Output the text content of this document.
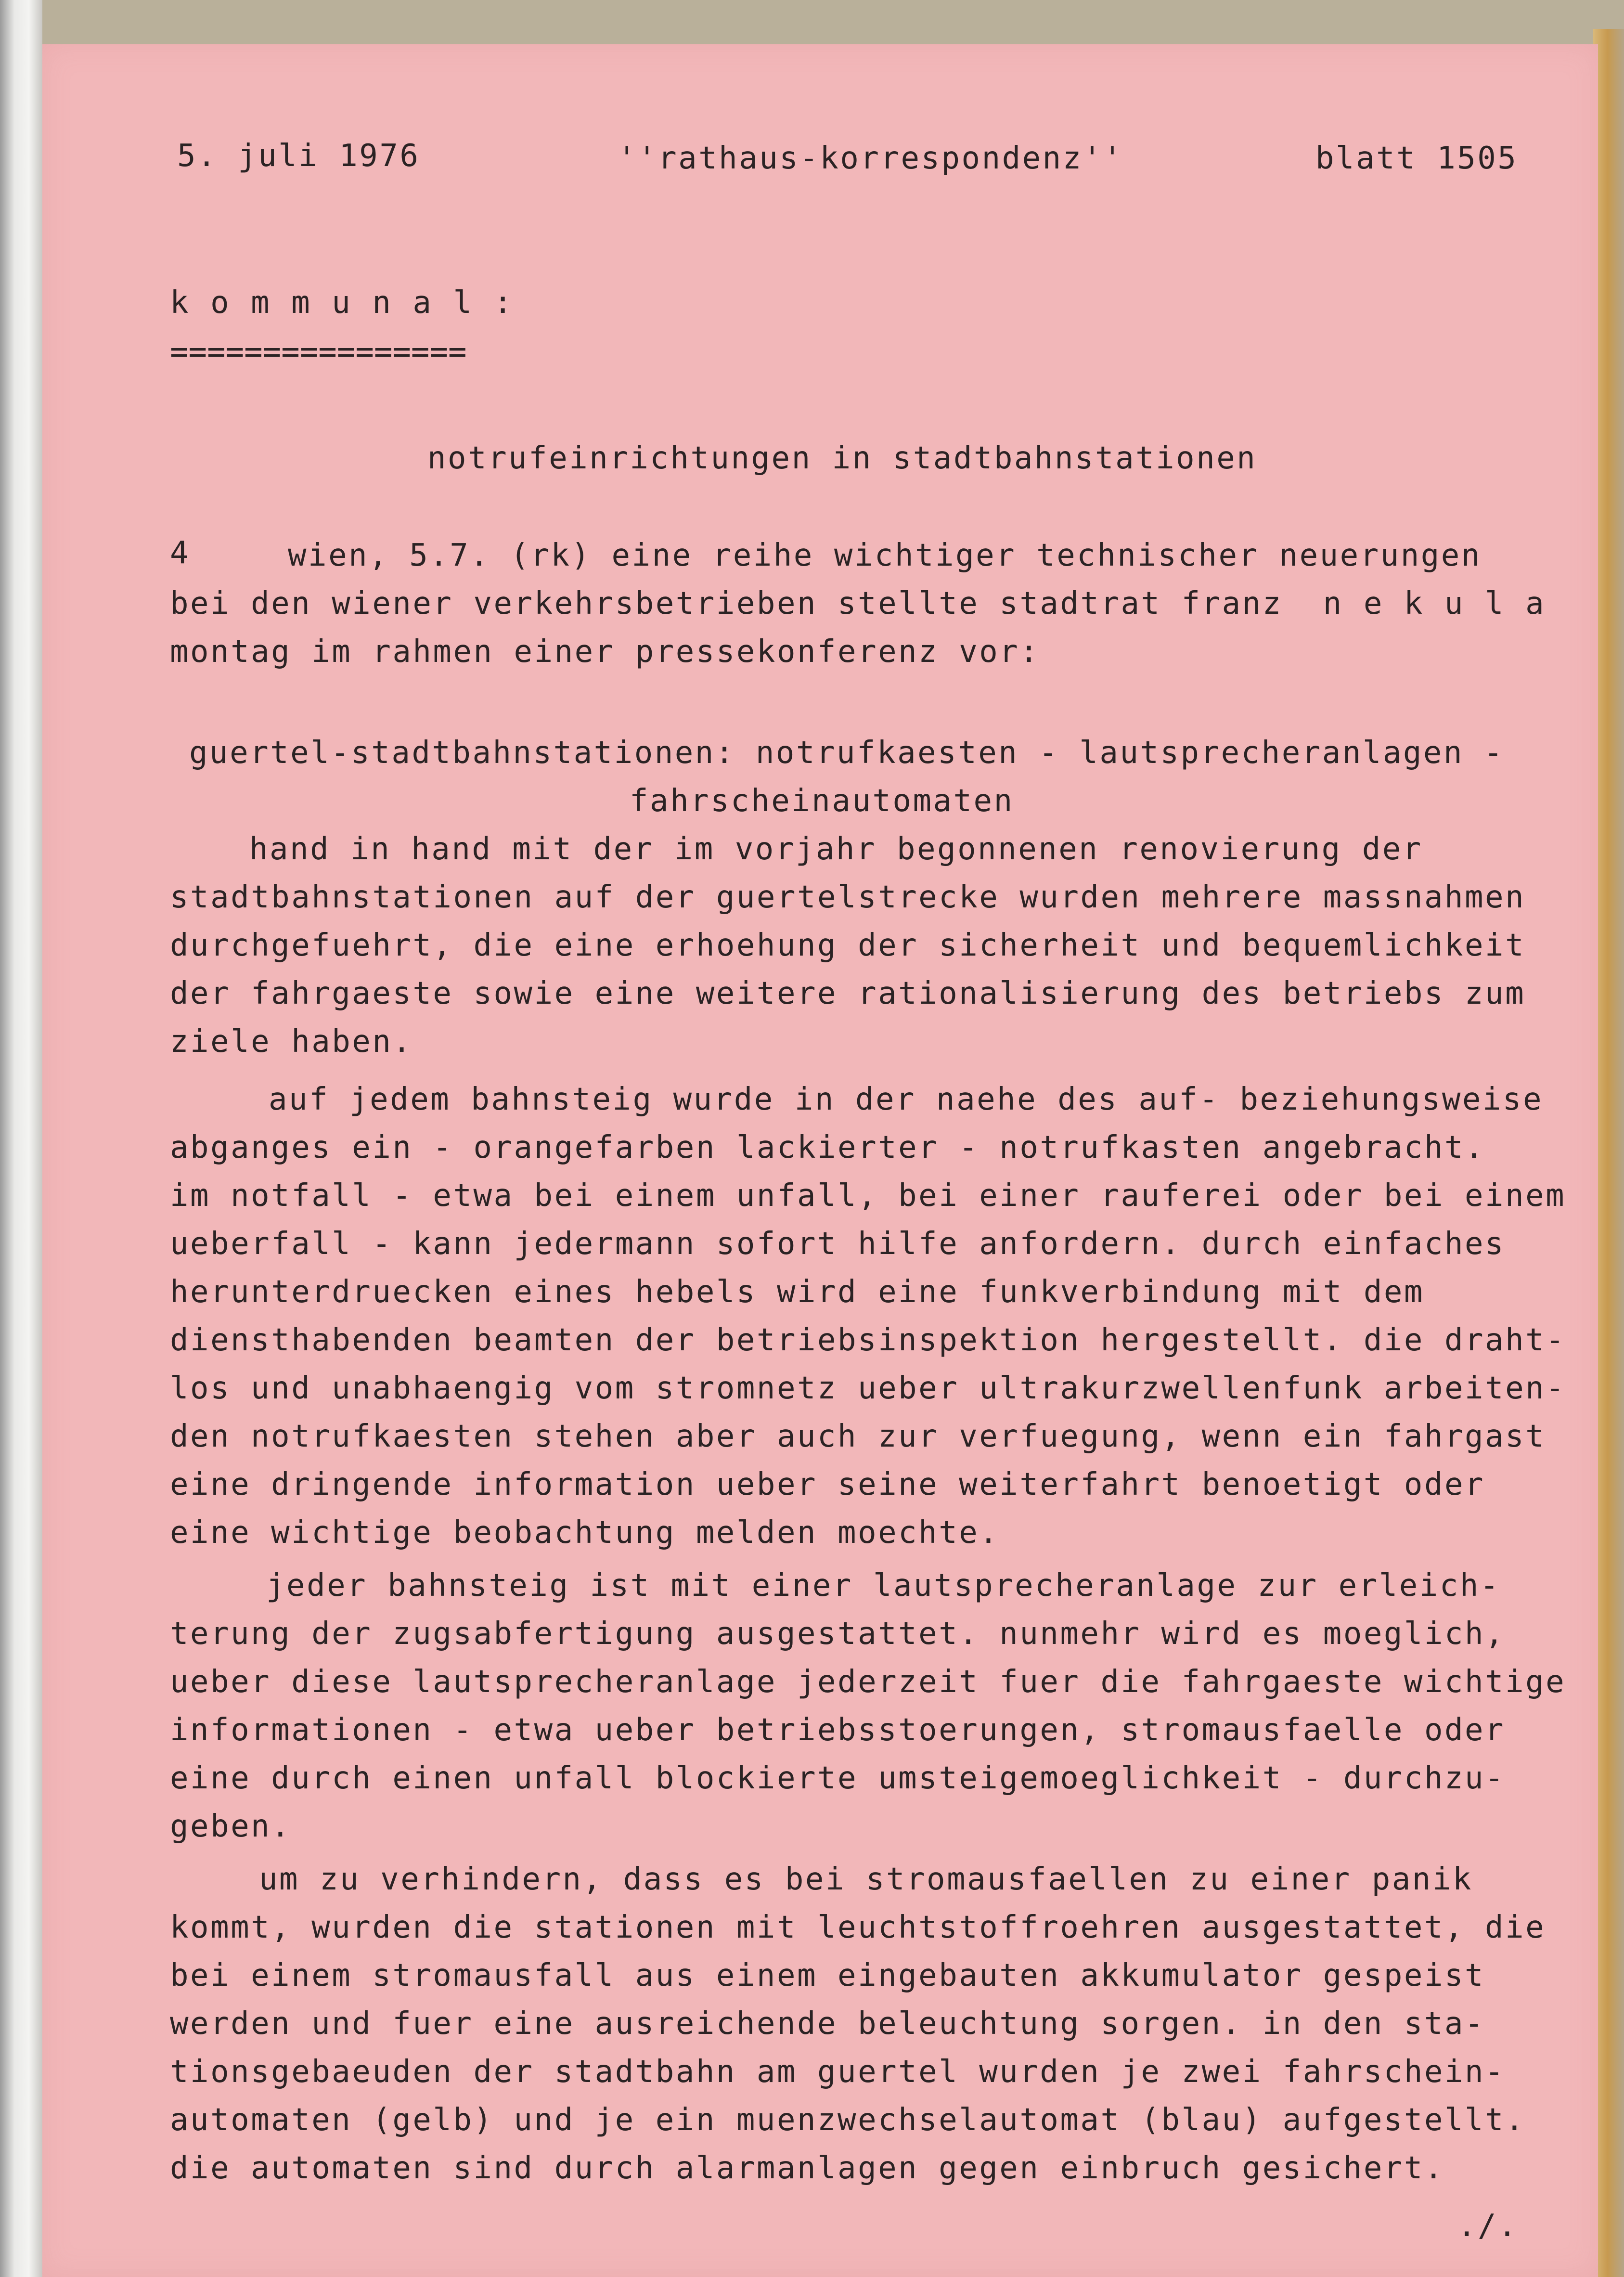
5. juli 1976	''rathaus-korrespondenz''	blatt 1505
k o m m u n a l :
================
notrufeinrichtungen in stadtbahnstationen
4	wien, 5.7. (rk) eine reihe wichtiger technischer neuerungen
bei den wiener verkehrsbetrieben stellte stadtrat franz  n e k u l a
montag im rahmen einer pressekonferenz vor:
guertel-stadtbahnstationen: notrufkaesten - lautsprecheranlagen -
fahrscheinautomaten
hand in hand mit der im vorjahr begonnenen renovierung der
stadtbahnstationen auf der guertelstrecke wurden mehrere massnahmen
durchgefuehrt, die eine erhoehung der sicherheit und bequemlichkeit
der fahrgaeste sowie eine weitere rationalisierung des betriebs zum
ziele haben.
auf jedem bahnsteig wurde in der naehe des auf- beziehungsweise
abganges ein - orangefarben lackierter - notrufkasten angebracht.
im notfall - etwa bei einem unfall, bei einer rauferei oder bei einem
ueberfall - kann jedermann sofort hilfe anfordern. durch einfaches
herunterdruecken eines hebels wird eine funkverbindung mit dem
diensthabenden beamten der betriebsinspektion hergestellt. die draht-
los und unabhaengig vom stromnetz ueber ultrakurzwellenfunk arbeiten-
den notrufkaesten stehen aber auch zur verfuegung, wenn ein fahrgast
eine dringende information ueber seine weiterfahrt benoetigt oder
eine wichtige beobachtung melden moechte.
jeder bahnsteig ist mit einer lautsprecheranlage zur erleich-
terung der zugsabfertigung ausgestattet. nunmehr wird es moeglich,
ueber diese lautsprecheranlage jederzeit fuer die fahrgaeste wichtige
informationen - etwa ueber betriebsstoerungen, stromausfaelle oder
eine durch einen unfall blockierte umsteigemoeglichkeit - durchzu-
geben.
um zu verhindern, dass es bei stromausfaellen zu einer panik
kommt, wurden die stationen mit leuchtstoffroehren ausgestattet, die
bei einem stromausfall aus einem eingebauten akkumulator gespeist
werden und fuer eine ausreichende beleuchtung sorgen. in den sta-
tionsgebaeuden der stadtbahn am guertel wurden je zwei fahrschein-
automaten (gelb) und je ein muenzwechselautomat (blau) aufgestellt.
die automaten sind durch alarmanlagen gegen einbruch gesichert.
./.
